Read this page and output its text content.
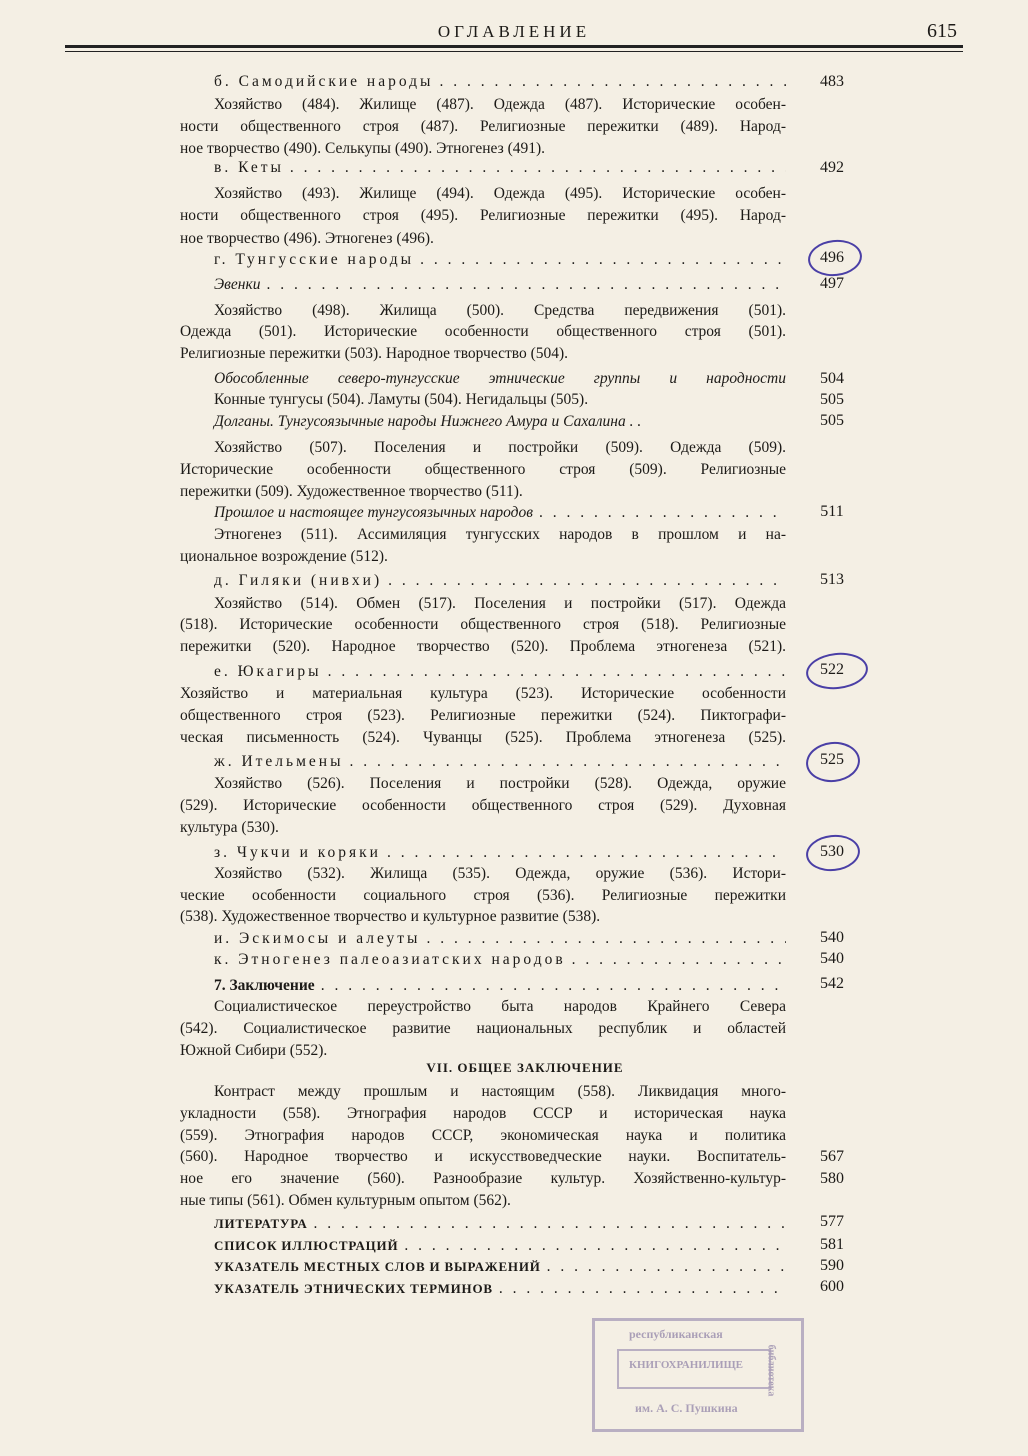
ОГЛАВЛЕНИЕ	615
б. Самодийские народы . . .	483
Хозяйство (484). Жилище (487). Одежда (487). Исторические особен-
ности общественного строя (487). Религиозные пережитки (489). Народ-
ное творчество (490). Селькупы (490). Этногенез (491).
в. Кеты . . .	492
Хозяйство (493). Жилище (494). Одежда (495). Исторические особен-
ности общественного строя (495). Религиозные пережитки (495). Народ-
ное творчество (496). Этногенез (496).
г. Тунгусские народы . . .	496
Эвенки . . .	497
Хозяйство (498). Жилища (500). Средства передвижения (501).
Одежда (501). Исторические особенности общественного строя (501).
Религиозные пережитки (503). Народное творчество (504).
Обособленные северо-тунгусские этнические группы и народности	504
Конные тунгусы (504). Ламуты (504). Негидальцы (505).	505
Долганы. Тунгусоязычные народы Нижнего Амура и Сахалина . .	505
Хозяйство (507). Поселения и постройки (509). Одежда (509).
Исторические особенности общественного строя (509). Религиозные
пережитки (509). Художественное творчество (511).
Прошлое и настоящее тунгусоязычных народов . . .	511
Этногенез (511). Ассимиляция тунгусских народов в прошлом и на-
циональное возрождение (512).
д. Гиляки (нивхи) . . .	513
Хозяйство (514). Обмен (517). Поселения и постройки (517). Одежда
(518). Исторические особенности общественного строя (518). Религиозные
пережитки (520). Народное творчество (520). Проблема этногенеза (521).
е. Юкагиры . . .	522
Хозяйство и материальная культура (523). Исторические особенности
общественного строя (523). Религиозные пережитки (524). Пиктографи-
ческая письменность (524). Чуванцы (525). Проблема этногенеза (525).
ж. Ительмены . . .	525
Хозяйство (526). Поселения и постройки (528). Одежда, оружие
(529). Исторические особенности общественного строя (529). Духовная
культура (530).
з. Чукчи и коряки . . .	530
Хозяйство (532). Жилища (535). Одежда, оружие (536). Истори-
ческие особенности социального строя (536). Религиозные пережитки
(538). Художественное творчество и культурное развитие (538).
и. Эскимосы и алеуты . . .	540
к. Этногенез палеоазиатских народов . . .	540
7. Заключение . . .	542
Социалистическое переустройство быта народов Крайнего Севера
(542). Социалистическое развитие национальных республик и областей
Южной Сибири (552).
VII. ОБЩЕЕ ЗАКЛЮЧЕНИЕ
Контраст между прошлым и настоящим (558). Ликвидация много-
укладности (558). Этнография народов СССР и историческая наука
(559). Этнография народов СССР, экономическая наука и политика
(560). Народное творчество и искусствоведческие науки. Воспитатель-	567
ное его значение (560). Разнообразие культур. Хозяйственно-культур-	580
ные типы (561). Обмен культурным опытом (562).
ЛИТЕРАТУРА . . .	577
СПИСОК ИЛЛЮСТРАЦИЙ . . .	581
УКАЗАТЕЛЬ МЕСТНЫХ СЛОВ И ВЫРАЖЕНИЙ . . .	590
УКАЗАТЕЛЬ ЭТНИЧЕСКИХ ТЕРМИНОВ . . .	600
республиканская
КНИГОХРАНИЛИЩЕ
им. А. С. Пушкина
библиотека
